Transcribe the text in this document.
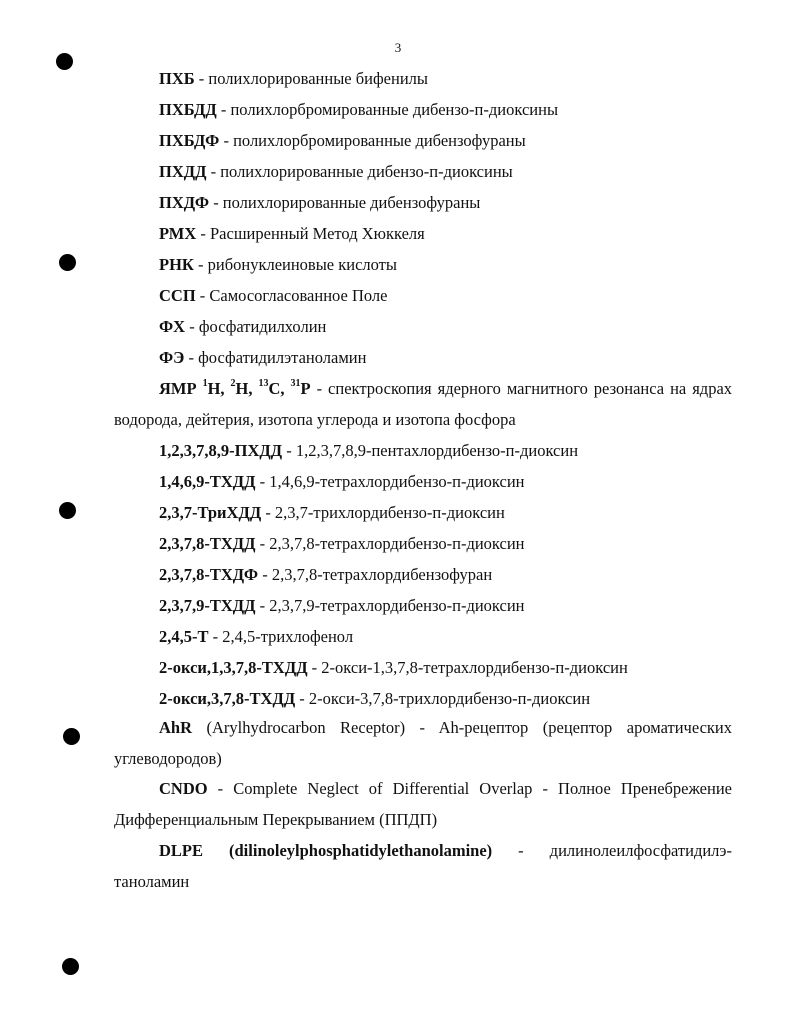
3
ПХБ - полихлорированные бифенилы
ПХБДД - полихлорбромированные дибензо-п-диоксины
ПХБДФ - полихлорбромированные дибензофураны
ПХДД - полихлорированные дибензо-п-диоксины
ПХДФ - полихлорированные дибензофураны
РМХ - Расширенный Метод Хюккеля
РНК - рибонуклеиновые кислоты
ССП - Самосогласованное Поле
ФХ - фосфатидилхолин
ФЭ - фосфатидилэтаноламин
ЯМР $^1$H, $^2$H, $^{13}$C, $^{31}$P - спектроскопия ядерного магнитного резонанса на ядрах водорода, дейтерия, изотопа углерода и изотопа фосфора
1,2,3,7,8,9-ПХДД - 1,2,3,7,8,9-пентахлордибензо-п-диоксин
1,4,6,9-ТХДД - 1,4,6,9-тетрахлордибензо-п-диоксин
2,3,7-ТриХДД - 2,3,7-трихлордибензо-п-диоксин
2,3,7,8-ТХДД - 2,3,7,8-тетрахлордибензо-п-диоксин
2,3,7,8-ТХДФ - 2,3,7,8-тетрахлордибензофуран
2,3,7,9-ТХДД - 2,3,7,9-тетрахлордибензо-п-диоксин
2,4,5-Т - 2,4,5-трихлофенол
2-окси,1,3,7,8-ТХДД - 2-окси-1,3,7,8-тетрахлордибензо-п-диоксин
2-окси,3,7,8-ТХДД - 2-окси-3,7,8-трихлордибензо-п-диоксин
AhR (Arylhydrocarbon Receptor) - Ah-рецептор (рецептор ароматических углеводородов)
CNDO - Complete Neglect of Differential Overlap - Полное Пренебрежение Дифференциальным Перекрыванием (ППДП)
DLPE (dilinoleylphosphatidylethanolamine) - дилинолеилфосфатидилэ-таноламин
